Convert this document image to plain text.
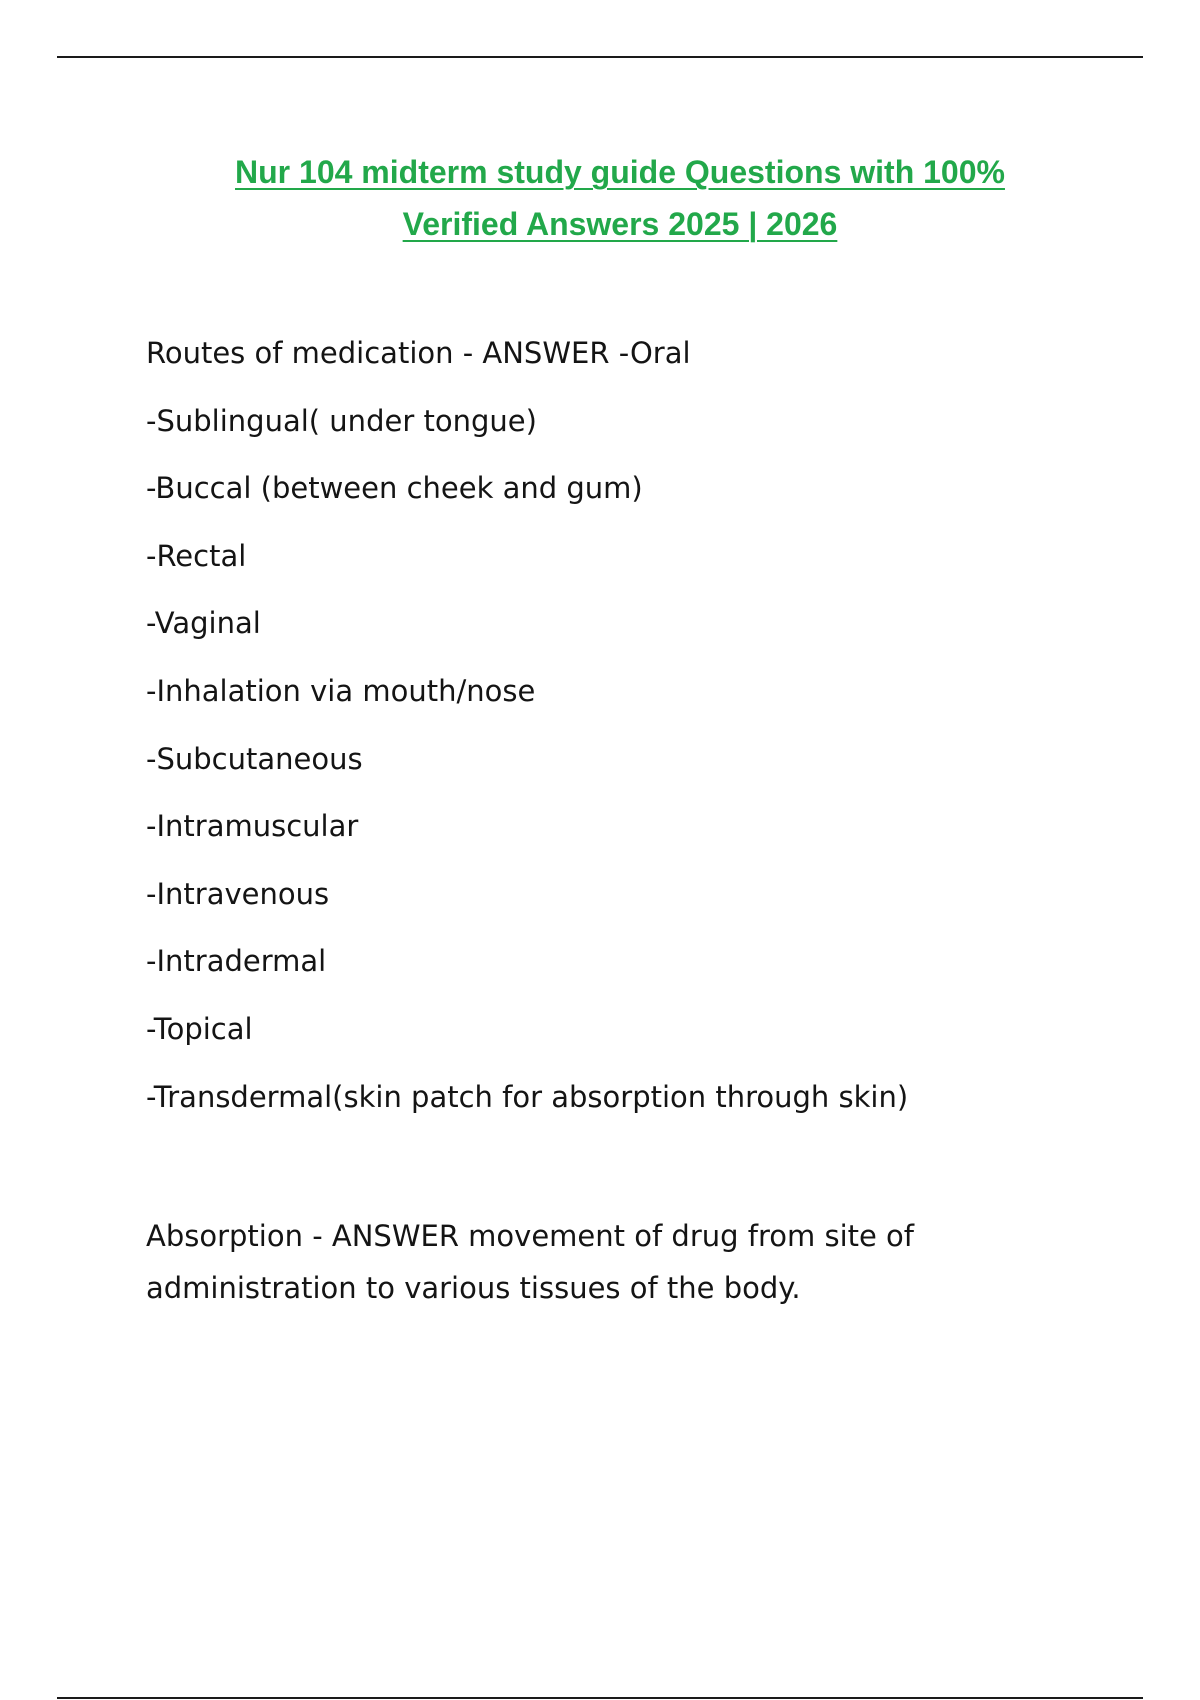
Nur 104 midterm study guide Questions with 100%
Verified Answers 2025 | 2026
Routes of medication - ANSWER -Oral
-Sublingual( under tongue)
-Buccal (between cheek and gum)
-Rectal
-Vaginal
-Inhalation via mouth/nose
-Subcutaneous
-Intramuscular
-Intravenous
-Intradermal
-Topical
-Transdermal(skin patch for absorption through skin)
Absorption - ANSWER movement of drug from site of administration to various tissues of the body.
